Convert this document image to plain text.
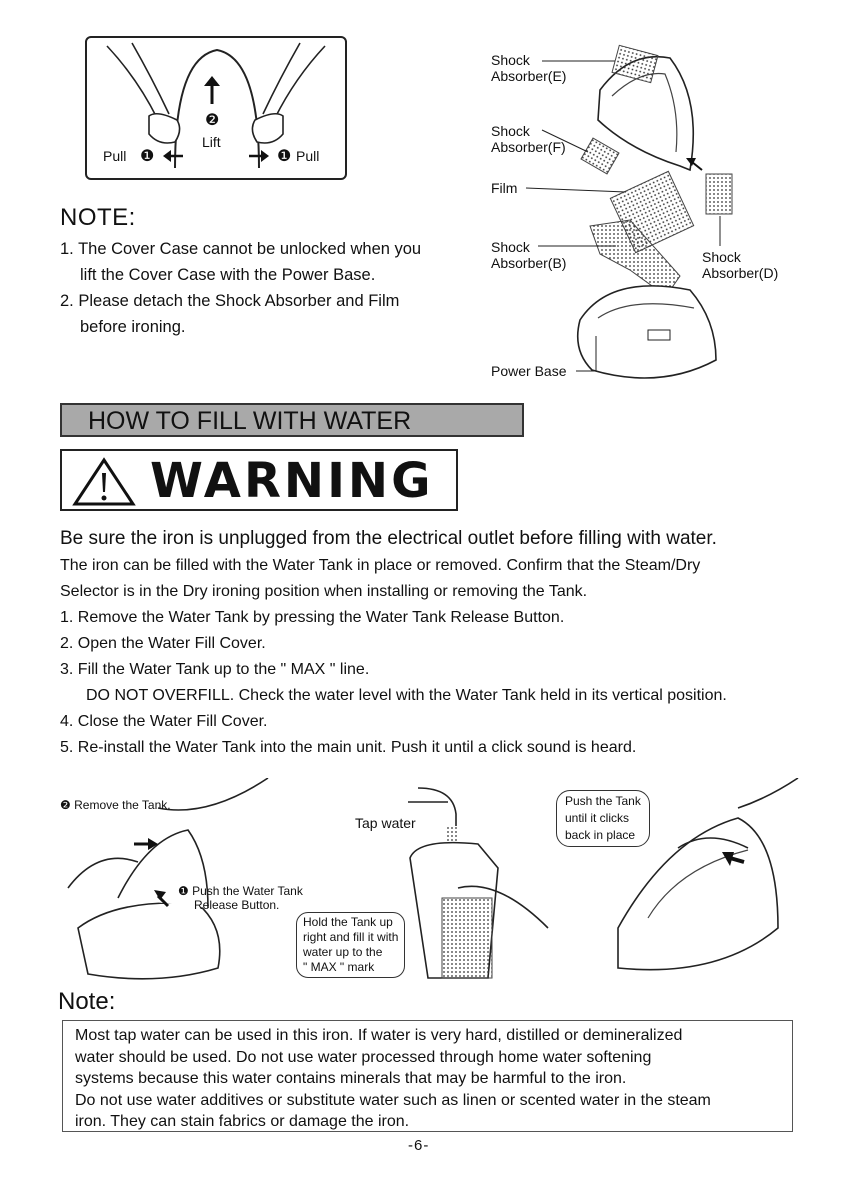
❷
Lift
Pull ❶	❶ Pull
NOTE:
1. The Cover Case cannot be unlocked when you
lift the Cover Case with the Power Base.
2. Please detach the Shock Absorber and Film
before ironing.
Shock
Absorber(E)
Shock
Absorber(F)
Film
Shock
Absorber(B)	Shock
Absorber(D)
Power Base
HOW TO FILL WITH WATER
WARNING
Be sure the iron is unplugged from the electrical outlet before filling with water.
The iron can be filled with the Water Tank in place or removed. Confirm that the Steam/Dry
Selector is in the Dry ironing position when installing or removing the Tank.
1. Remove the Water Tank by pressing the Water Tank Release Button.
2. Open the Water Fill Cover.
3. Fill the Water Tank up to the " MAX " line.
DO NOT OVERFILL. Check the water level with the Water Tank held in its vertical position.
4. Close the Water Fill Cover.
5. Re-install the Water Tank into the main unit. Push it until a click sound is heard.
❷ Remove the Tank.
❶ Push the Water Tank
Release Button.
Tap water
Hold the Tank up
right and fill it with
water up to the
" MAX " mark
Push the Tank
until it clicks
back in place
Note:
Most tap water can be used in this iron. If water is very hard, distilled or demineralized
water should be used. Do not use water processed through home water softening
systems because this water contains minerals that may be harmful to the iron.
Do not use water additives or substitute water such as linen or scented water in the steam
iron. They can stain fabrics or damage the iron.
-6-
